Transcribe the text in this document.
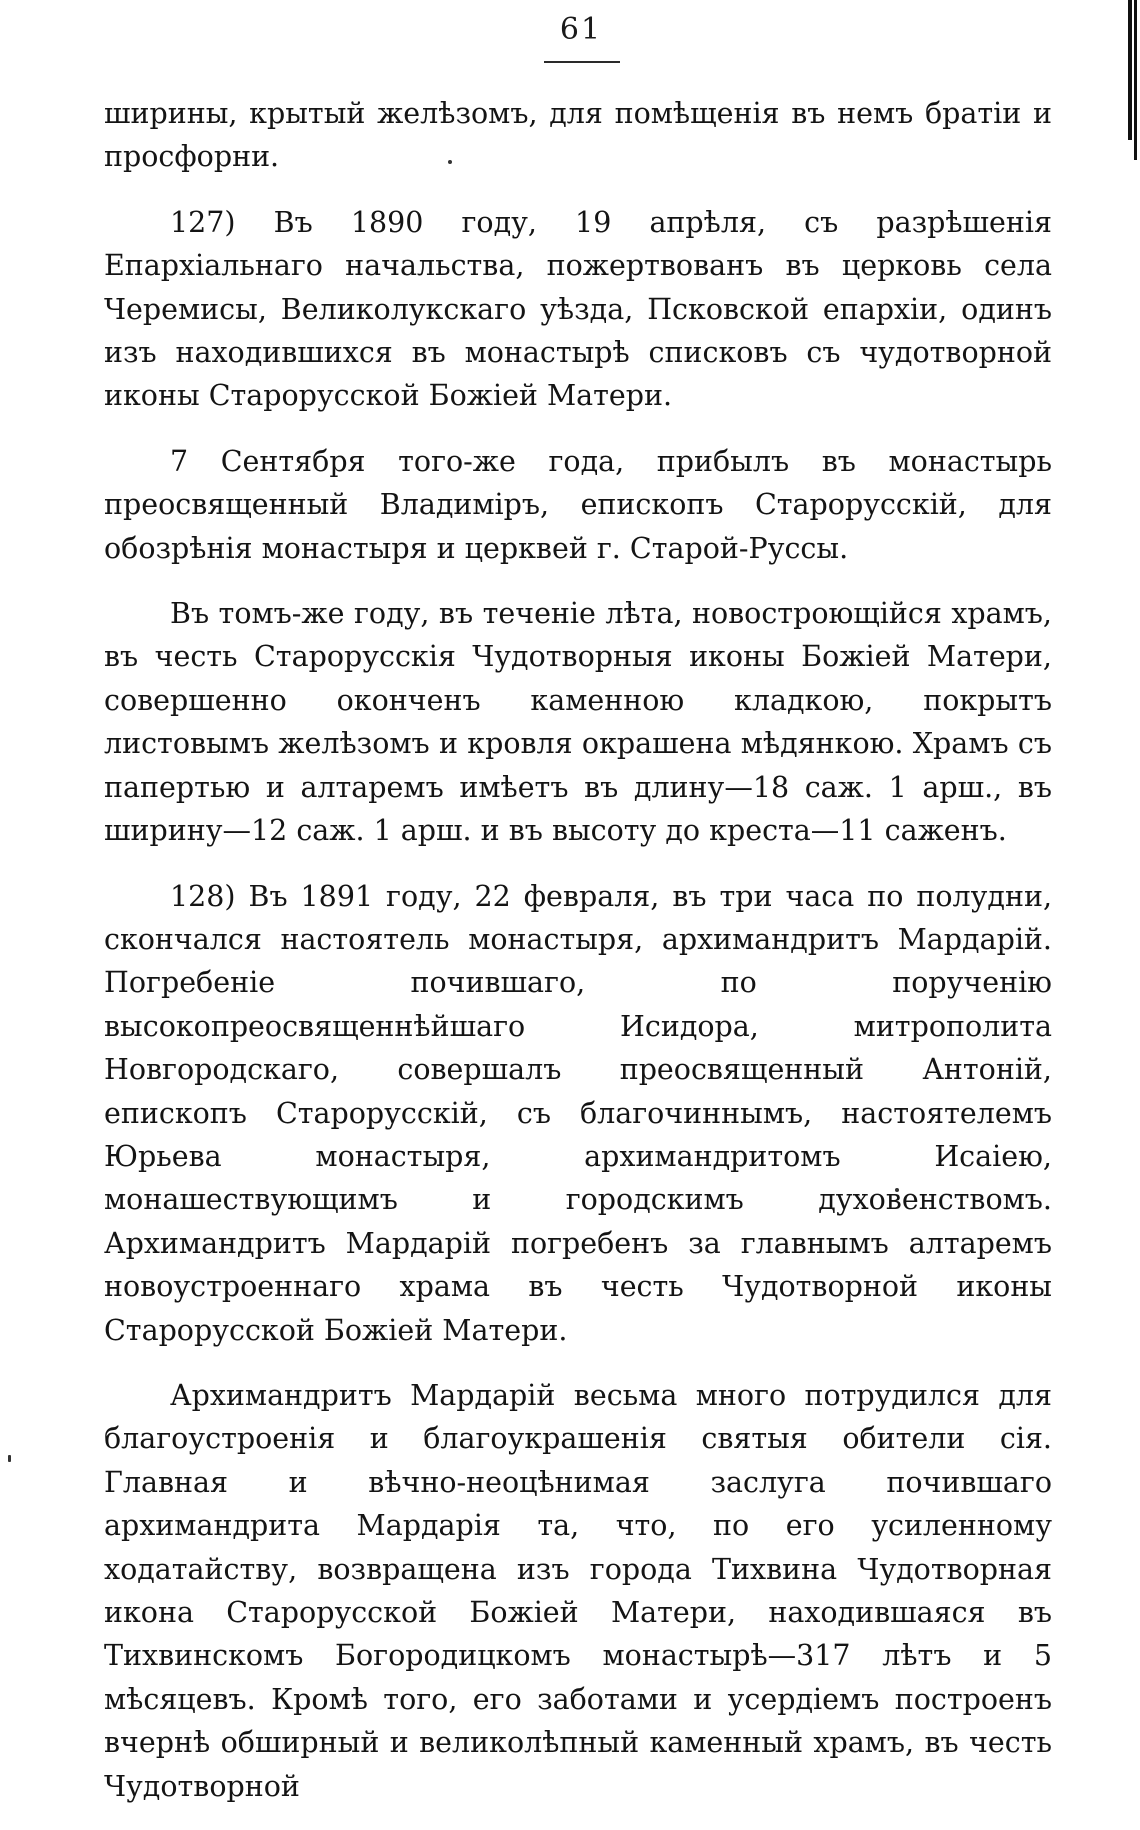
61

ширины, крытый желѣзомъ, для помѣщенія въ немъ братіи и просфорни.

127) Въ 1890 году, 19 апрѣля, съ разрѣшенія Епархіальнаго начальства, пожертвованъ въ церковь села Черемисы, Великолукскаго уѣзда, Псковской епархіи, одинъ изъ находившихся въ монастырѣ списковъ съ чудотворной иконы Старорусской Божіей Матери.

7 Сентября того-же года, прибылъ въ монастырь преосвященный Владиміръ, епископъ Старорусскій, для обозрѣнія монастыря и церквей г. Старой-Руссы.

Въ томъ-же году, въ теченіе лѣта, новостроющійся храмъ, въ честь Старорусскія Чудотворныя иконы Божіей Матери, совершенно оконченъ каменною кладкою, покрытъ листовымъ желѣзомъ и кровля окрашена мѣдянкою. Храмъ съ папертью и алтаремъ имѣетъ въ длину—18 саж. 1 арш., въ ширину—12 саж. 1 арш. и въ высоту до креста—11 саженъ.

128) Въ 1891 году, 22 февраля, въ три часа по полудни, скончался настоятель монастыря, архимандритъ Мардарій. Погребеніе почившаго, по порученію высокопреосвященнѣйшаго Исидора, митрополита Новгородскаго, совершалъ преосвященный Антоній, епископъ Старорусскій, съ благочиннымъ, настоятелемъ Юрьева монастыря, архимандритомъ Исаіею, монашествующимъ и городскимъ духовенствомъ. Архимандритъ Мардарій погребенъ за главнымъ алтаремъ новоустроеннаго храма въ честь Чудотворной иконы Старорусской Божіей Матери.

Архимандритъ Мардарій весьма много потрудился для благоустроенія и благоукрашенія святыя обители сія. Главная и вѣчно-неоцѣнимая заслуга почившаго архимандрита Мардарія та, что, по его усиленному ходатайству, возвращена изъ города Тихвина Чудотворная икона Старорусской Божіей Матери, находившаяся въ Тихвинскомъ Богородицкомъ монастырѣ—317 лѣтъ и 5 мѣсяцевъ. Кромѣ того, его заботами и усердіемъ построенъ вчернѣ обширный и великолѣпный каменный храмъ, въ честь Чудотворной
